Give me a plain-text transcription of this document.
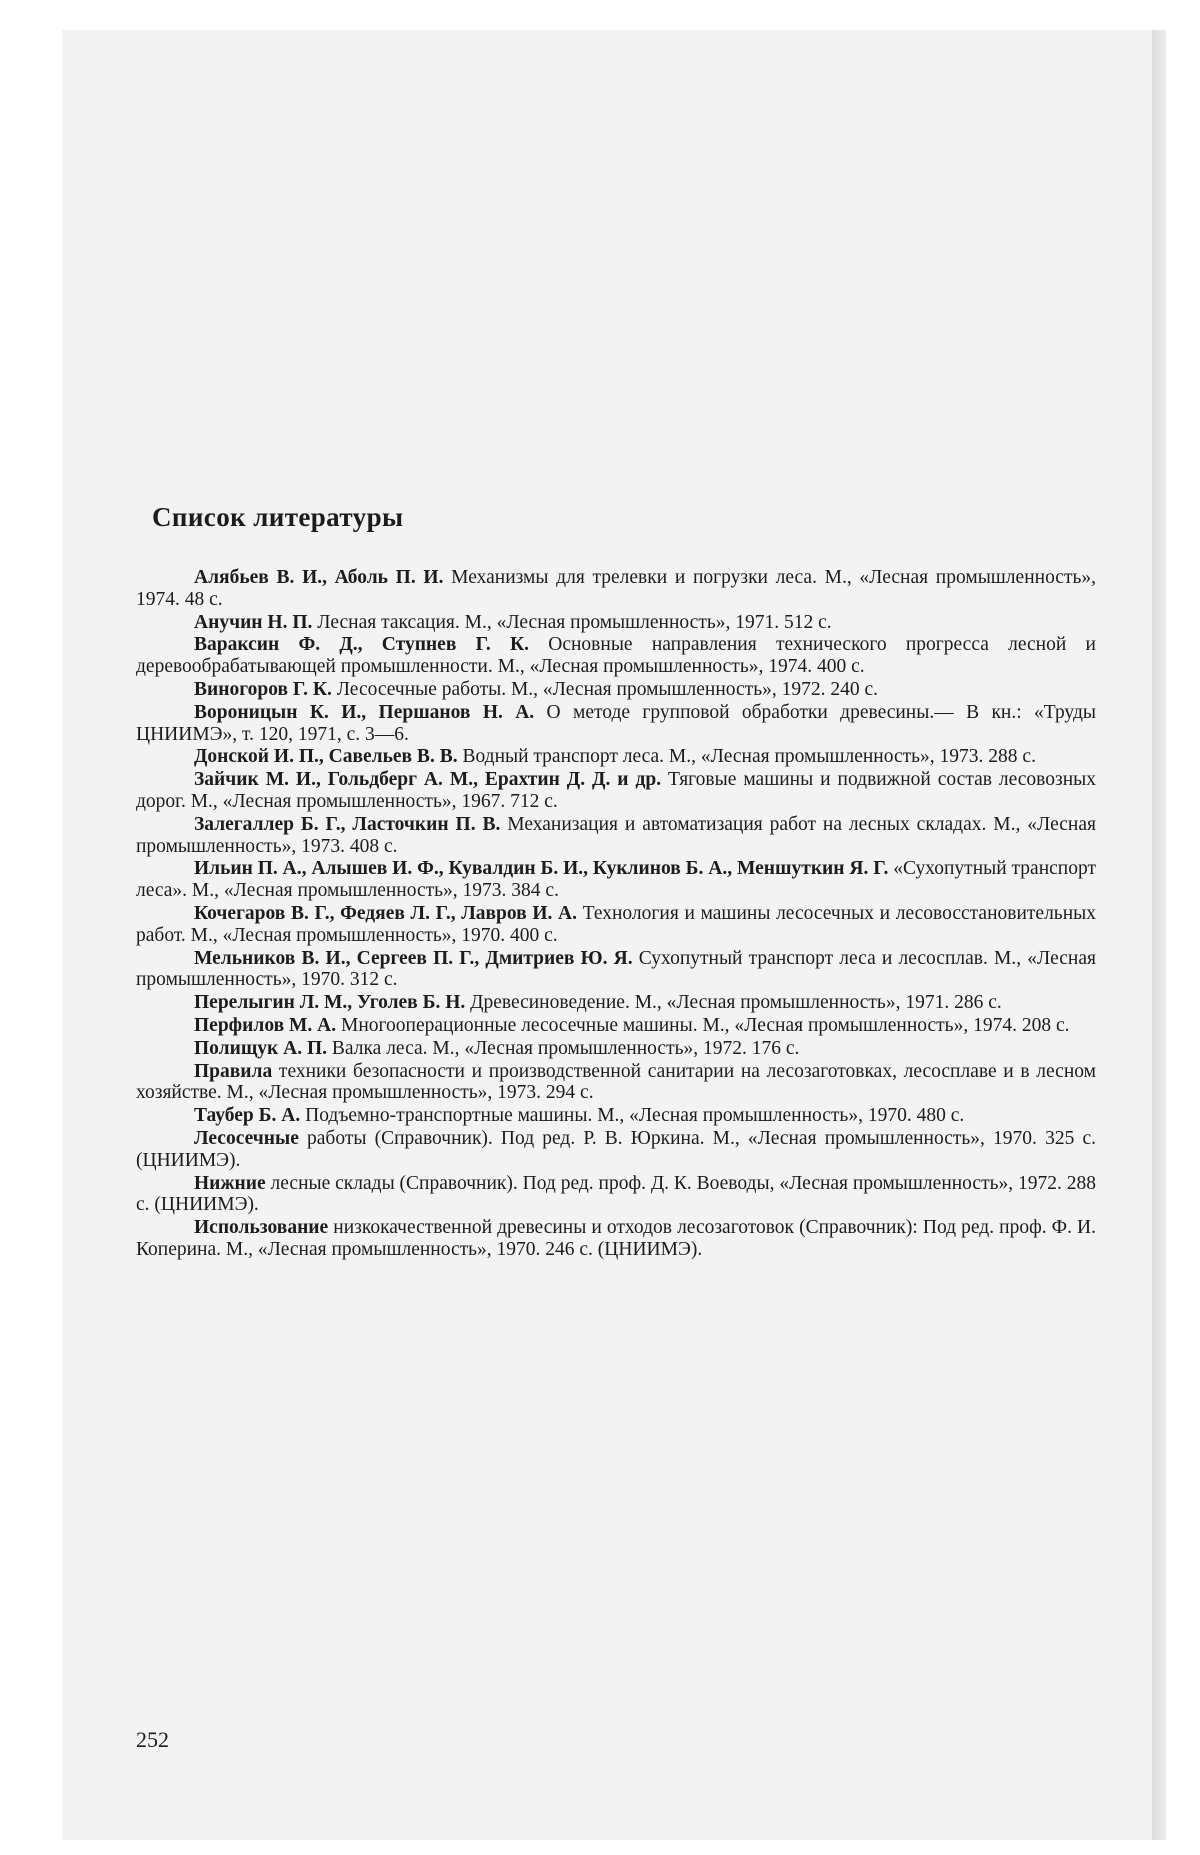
Список литературы

Алябьев В. И., Аболь П. И. Механизмы для трелевки и погрузки леса. М., «Лесная промышленность», 1974. 48 с.

Анучин Н. П. Лесная таксация. М., «Лесная промышленность», 1971. 512 с.

Вараксин Ф. Д., Ступнев Г. К. Основные направления технического прогресса лесной и деревообрабатывающей промышленности. М., «Лесная промышленность», 1974. 400 с.

Виногоров Г. К. Лесосечные работы. М., «Лесная промышленность», 1972. 240 с.

Вороницын К. И., Першанов Н. А. О методе групповой обработки древесины.— В кн.: «Труды ЦНИИМЭ», т. 120, 1971, с. 3—6.

Донской И. П., Савельев В. В. Водный транспорт леса. М., «Лесная промышленность», 1973. 288 с.

Зайчик М. И., Гольдберг А. М., Ерахтин Д. Д. и др. Тяговые машины и подвижной состав лесовозных дорог. М., «Лесная промышленность», 1967. 712 с.

Залегаллер Б. Г., Ласточкин П. В. Механизация и автоматизация работ на лесных складах. М., «Лесная промышленность», 1973. 408 с.

Ильин П. А., Алышев И. Ф., Кувалдин Б. И., Куклинов Б. А., Меншуткин Я. Г. «Сухопутный транспорт леса». М., «Лесная промышленность», 1973. 384 с.

Кочегаров В. Г., Федяев Л. Г., Лавров И. А. Технология и машины лесосечных и лесовосстановительных работ. М., «Лесная промышленность», 1970. 400 с.

Мельников В. И., Сергеев П. Г., Дмитриев Ю. Я. Сухопутный транспорт леса и лесосплав. М., «Лесная промышленность», 1970. 312 с.

Перелыгин Л. М., Уголев Б. Н. Древесиноведение. М., «Лесная промышленность», 1971. 286 с.

Перфилов М. А. Многооперационные лесосечные машины. М., «Лесная промышленность», 1974. 208 с.

Полищук А. П. Валка леса. М., «Лесная промышленность», 1972. 176 с.

Правила техники безопасности и производственной санитарии на лесозаготовках, лесосплаве и в лесном хозяйстве. М., «Лесная промышленность», 1973. 294 с.

Таубер Б. А. Подъемно-транспортные машины. М., «Лесная промышленность», 1970. 480 с.

Лесосечные работы (Справочник). Под ред. Р. В. Юркина. М., «Лесная промышленность», 1970. 325 с. (ЦНИИМЭ).

Нижние лесные склады (Справочник). Под ред. проф. Д. К. Воеводы, «Лесная промышленность», 1972. 288 с. (ЦНИИМЭ).

Использование низкокачественной древесины и отходов лесозаготовок (Справочник): Под ред. проф. Ф. И. Коперина. М., «Лесная промышленность», 1970. 246 с. (ЦНИИМЭ).

252
